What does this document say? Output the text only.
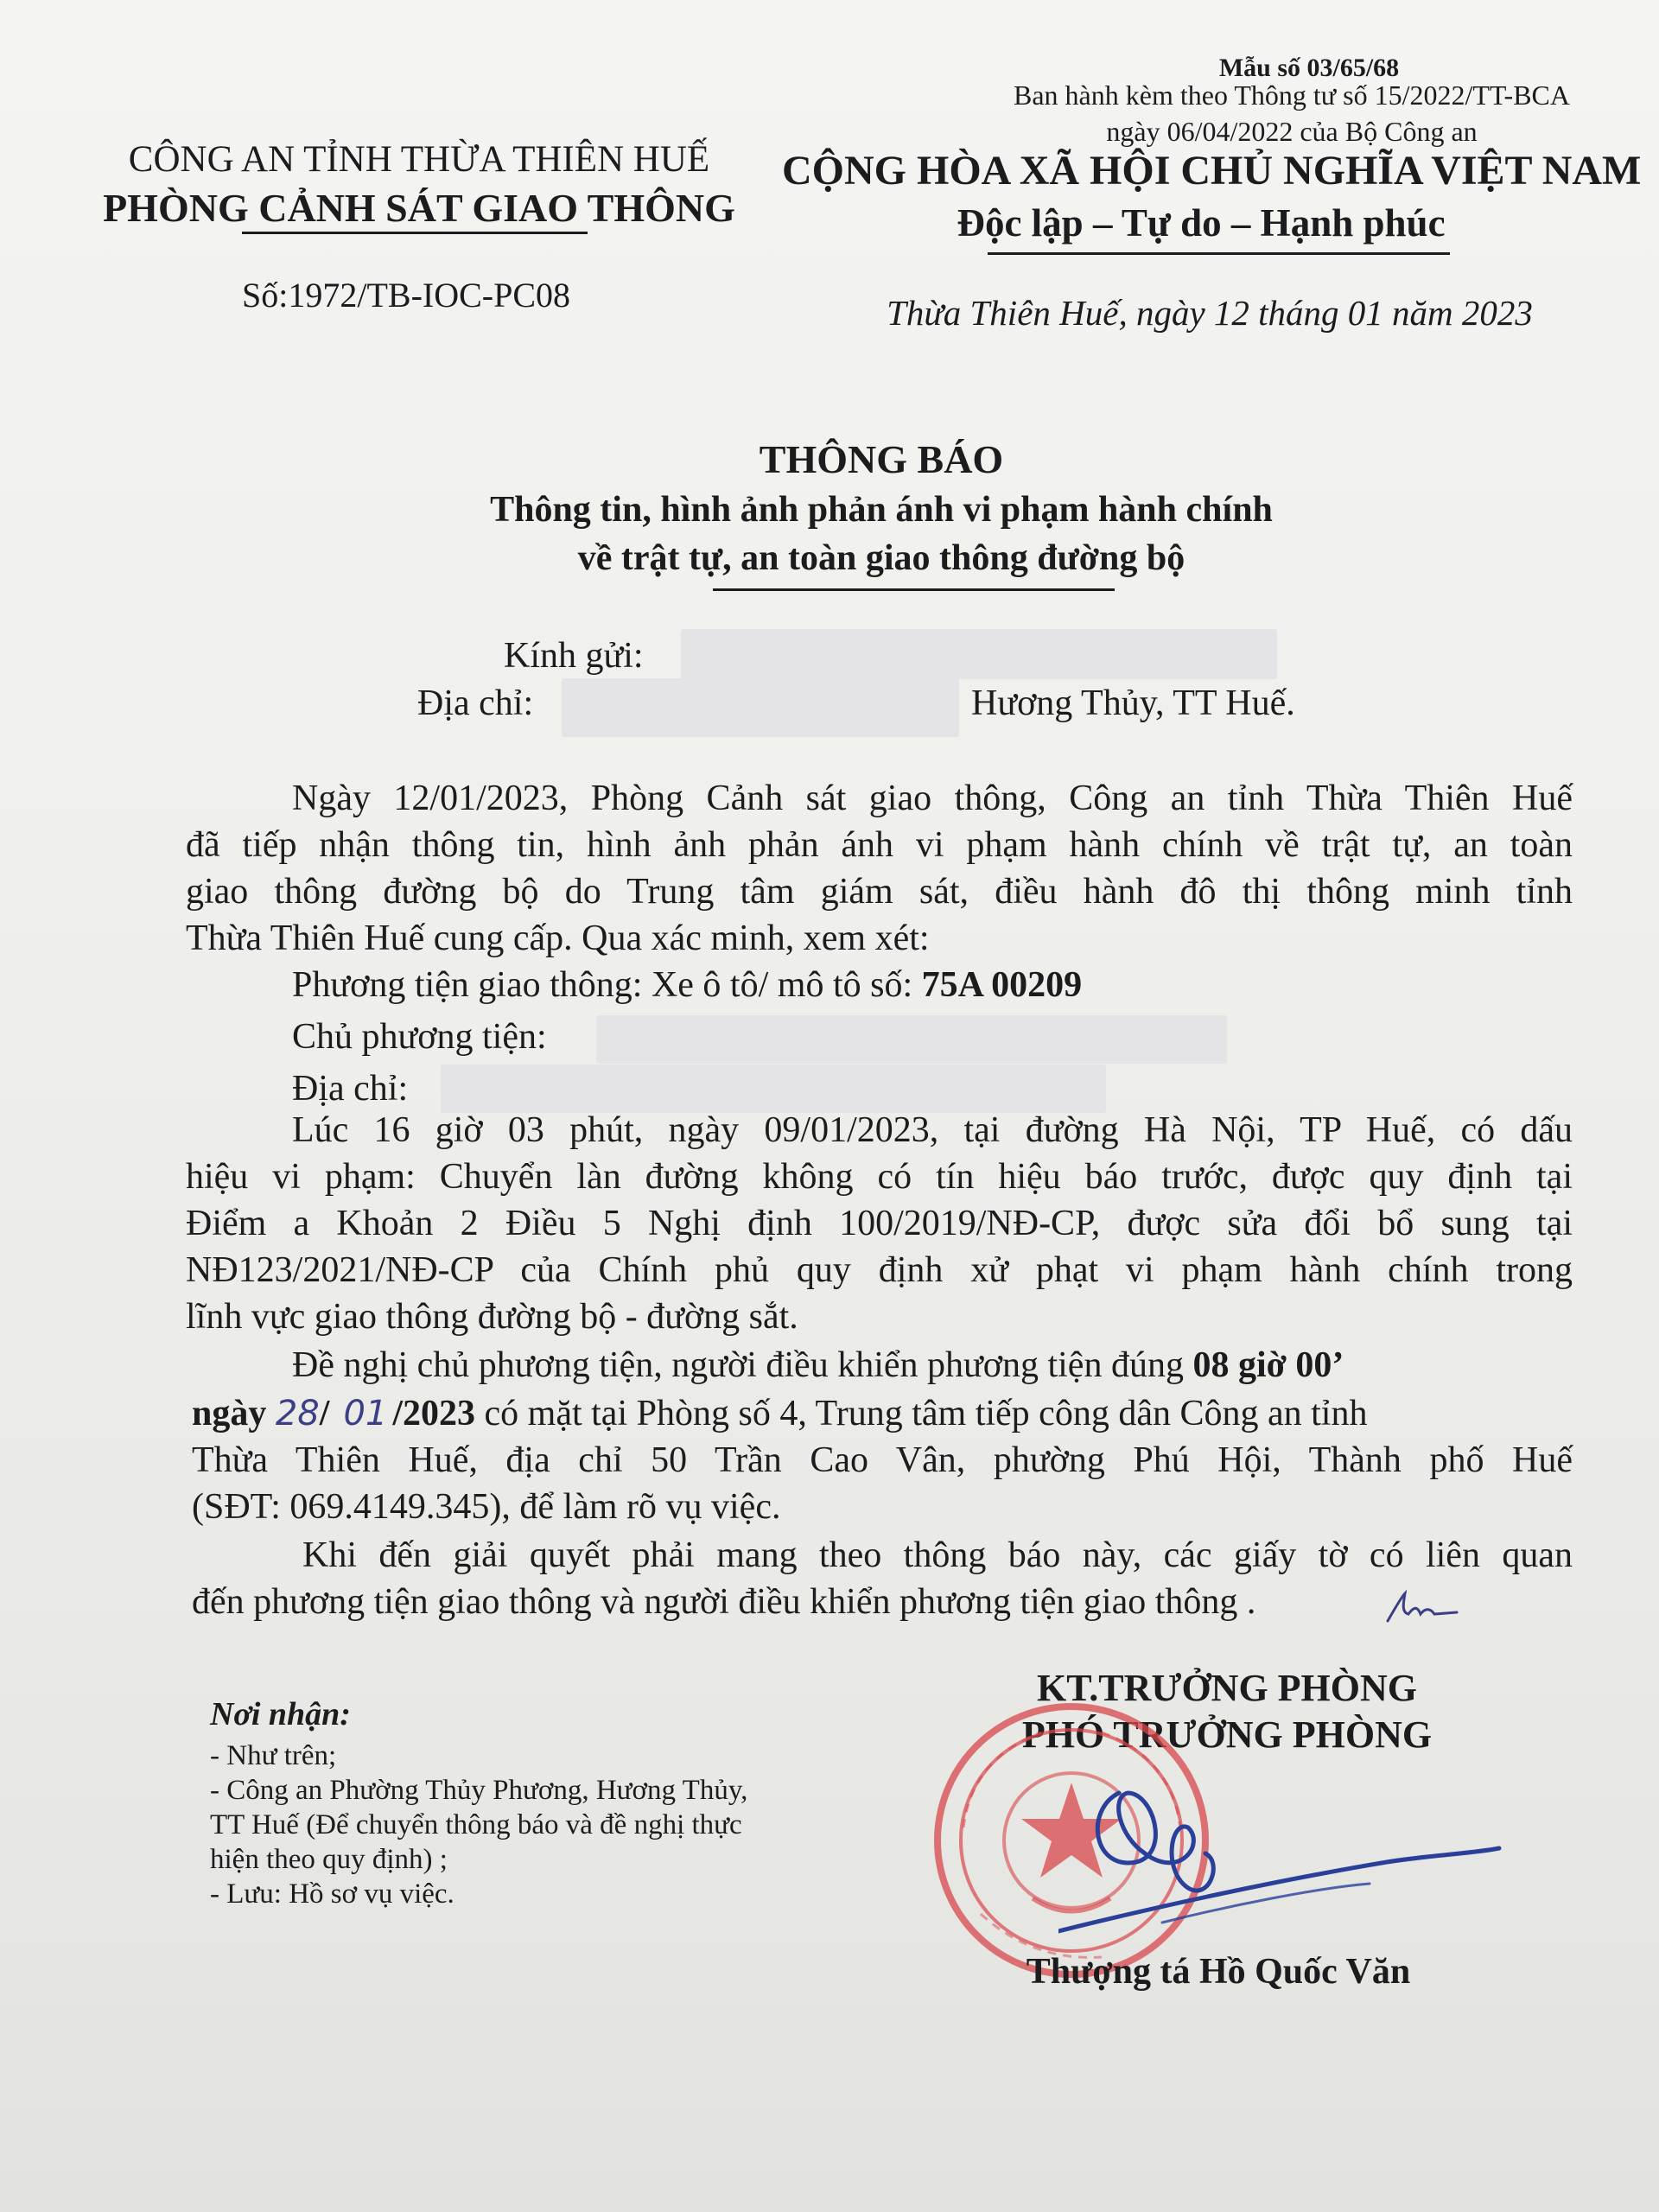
Mẫu số 03/65/68
Ban hành kèm theo Thông tư số 15/2022/TT-BCA
ngày 06/04/2022 của Bộ Công an
CÔNG AN TỈNH THỪA THIÊN HUẾ
PHÒNG CẢNH SÁT GIAO THÔNG
CỘNG HÒA XÃ HỘI CHỦ NGHĨA VIỆT NAM
Độc lập – Tự do – Hạnh phúc
Số:1972/TB-IOC-PC08	Thừa Thiên Huế, ngày 12 tháng 01 năm 2023
THÔNG BÁO
Thông tin, hình ảnh phản ánh vi phạm hành chính
về trật tự, an toàn giao thông đường bộ
Kính gửi:
Địa chỉ:	Hương Thủy, TT Huế.
Ngày 12/01/2023, Phòng Cảnh sát giao thông, Công an tỉnh Thừa Thiên Huế
đã tiếp nhận thông tin, hình ảnh phản ánh vi phạm hành chính về trật tự, an toàn
giao thông đường bộ do Trung tâm giám sát, điều hành đô thị thông minh tỉnh
Thừa Thiên Huế cung cấp. Qua xác minh, xem xét:
Phương tiện giao thông: Xe ô tô/ mô tô số: 75A 00209
Chủ phương tiện:
Địa chỉ:
Lúc 16 giờ 03 phút, ngày 09/01/2023, tại đường Hà Nội, TP Huế, có dấu
hiệu vi phạm: Chuyển làn đường không có tín hiệu báo trước, được quy định tại
Điểm a Khoản 2 Điều 5 Nghị định 100/2019/NĐ-CP, được sửa đổi bổ sung tại
NĐ123/2021/NĐ-CP của Chính phủ quy định xử phạt vi phạm hành chính trong
lĩnh vực giao thông đường bộ - đường sắt.
Đề nghị chủ phương tiện, người điều khiển phương tiện đúng 08 giờ 00’
ngày 28/ 01 /2023 có mặt tại Phòng số 4, Trung tâm tiếp công dân Công an tỉnh
Thừa Thiên Huế, địa chỉ 50 Trần Cao Vân, phường Phú Hội, Thành phố Huế
(SĐT: 069.4149.345), để làm rõ vụ việc.
Khi đến giải quyết phải mang theo thông báo này, các giấy tờ có liên quan
đến phương tiện giao thông và người điều khiển phương tiện giao thông .
Nơi nhận:
- Như trên;
- Công an Phường Thủy Phương, Hương Thủy,
TT Huế (Để chuyển thông báo và đề nghị thực
hiện theo quy định) ;
- Lưu: Hồ sơ vụ việc.
KT.TRƯỞNG PHÒNG
PHÓ TRƯỞNG PHÒNG
Thượng tá Hồ Quốc Văn
